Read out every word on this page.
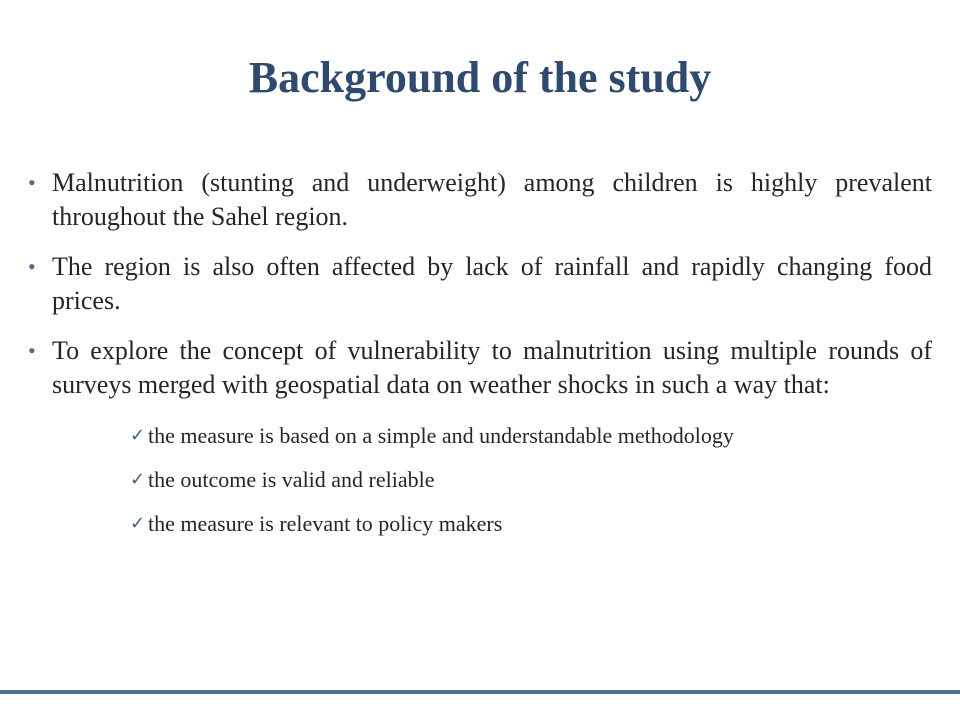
Background of the study
• Malnutrition (stunting and underweight) among children is highly prevalent throughout the Sahel region.
• The region is also often affected by lack of rainfall and rapidly changing food prices.
• To explore the concept of vulnerability to malnutrition using multiple rounds of surveys merged with geospatial data on weather shocks in such a way that:
✓ the measure is based on a simple and understandable methodology
✓ the outcome is valid and reliable
✓ the measure is relevant to policy makers
